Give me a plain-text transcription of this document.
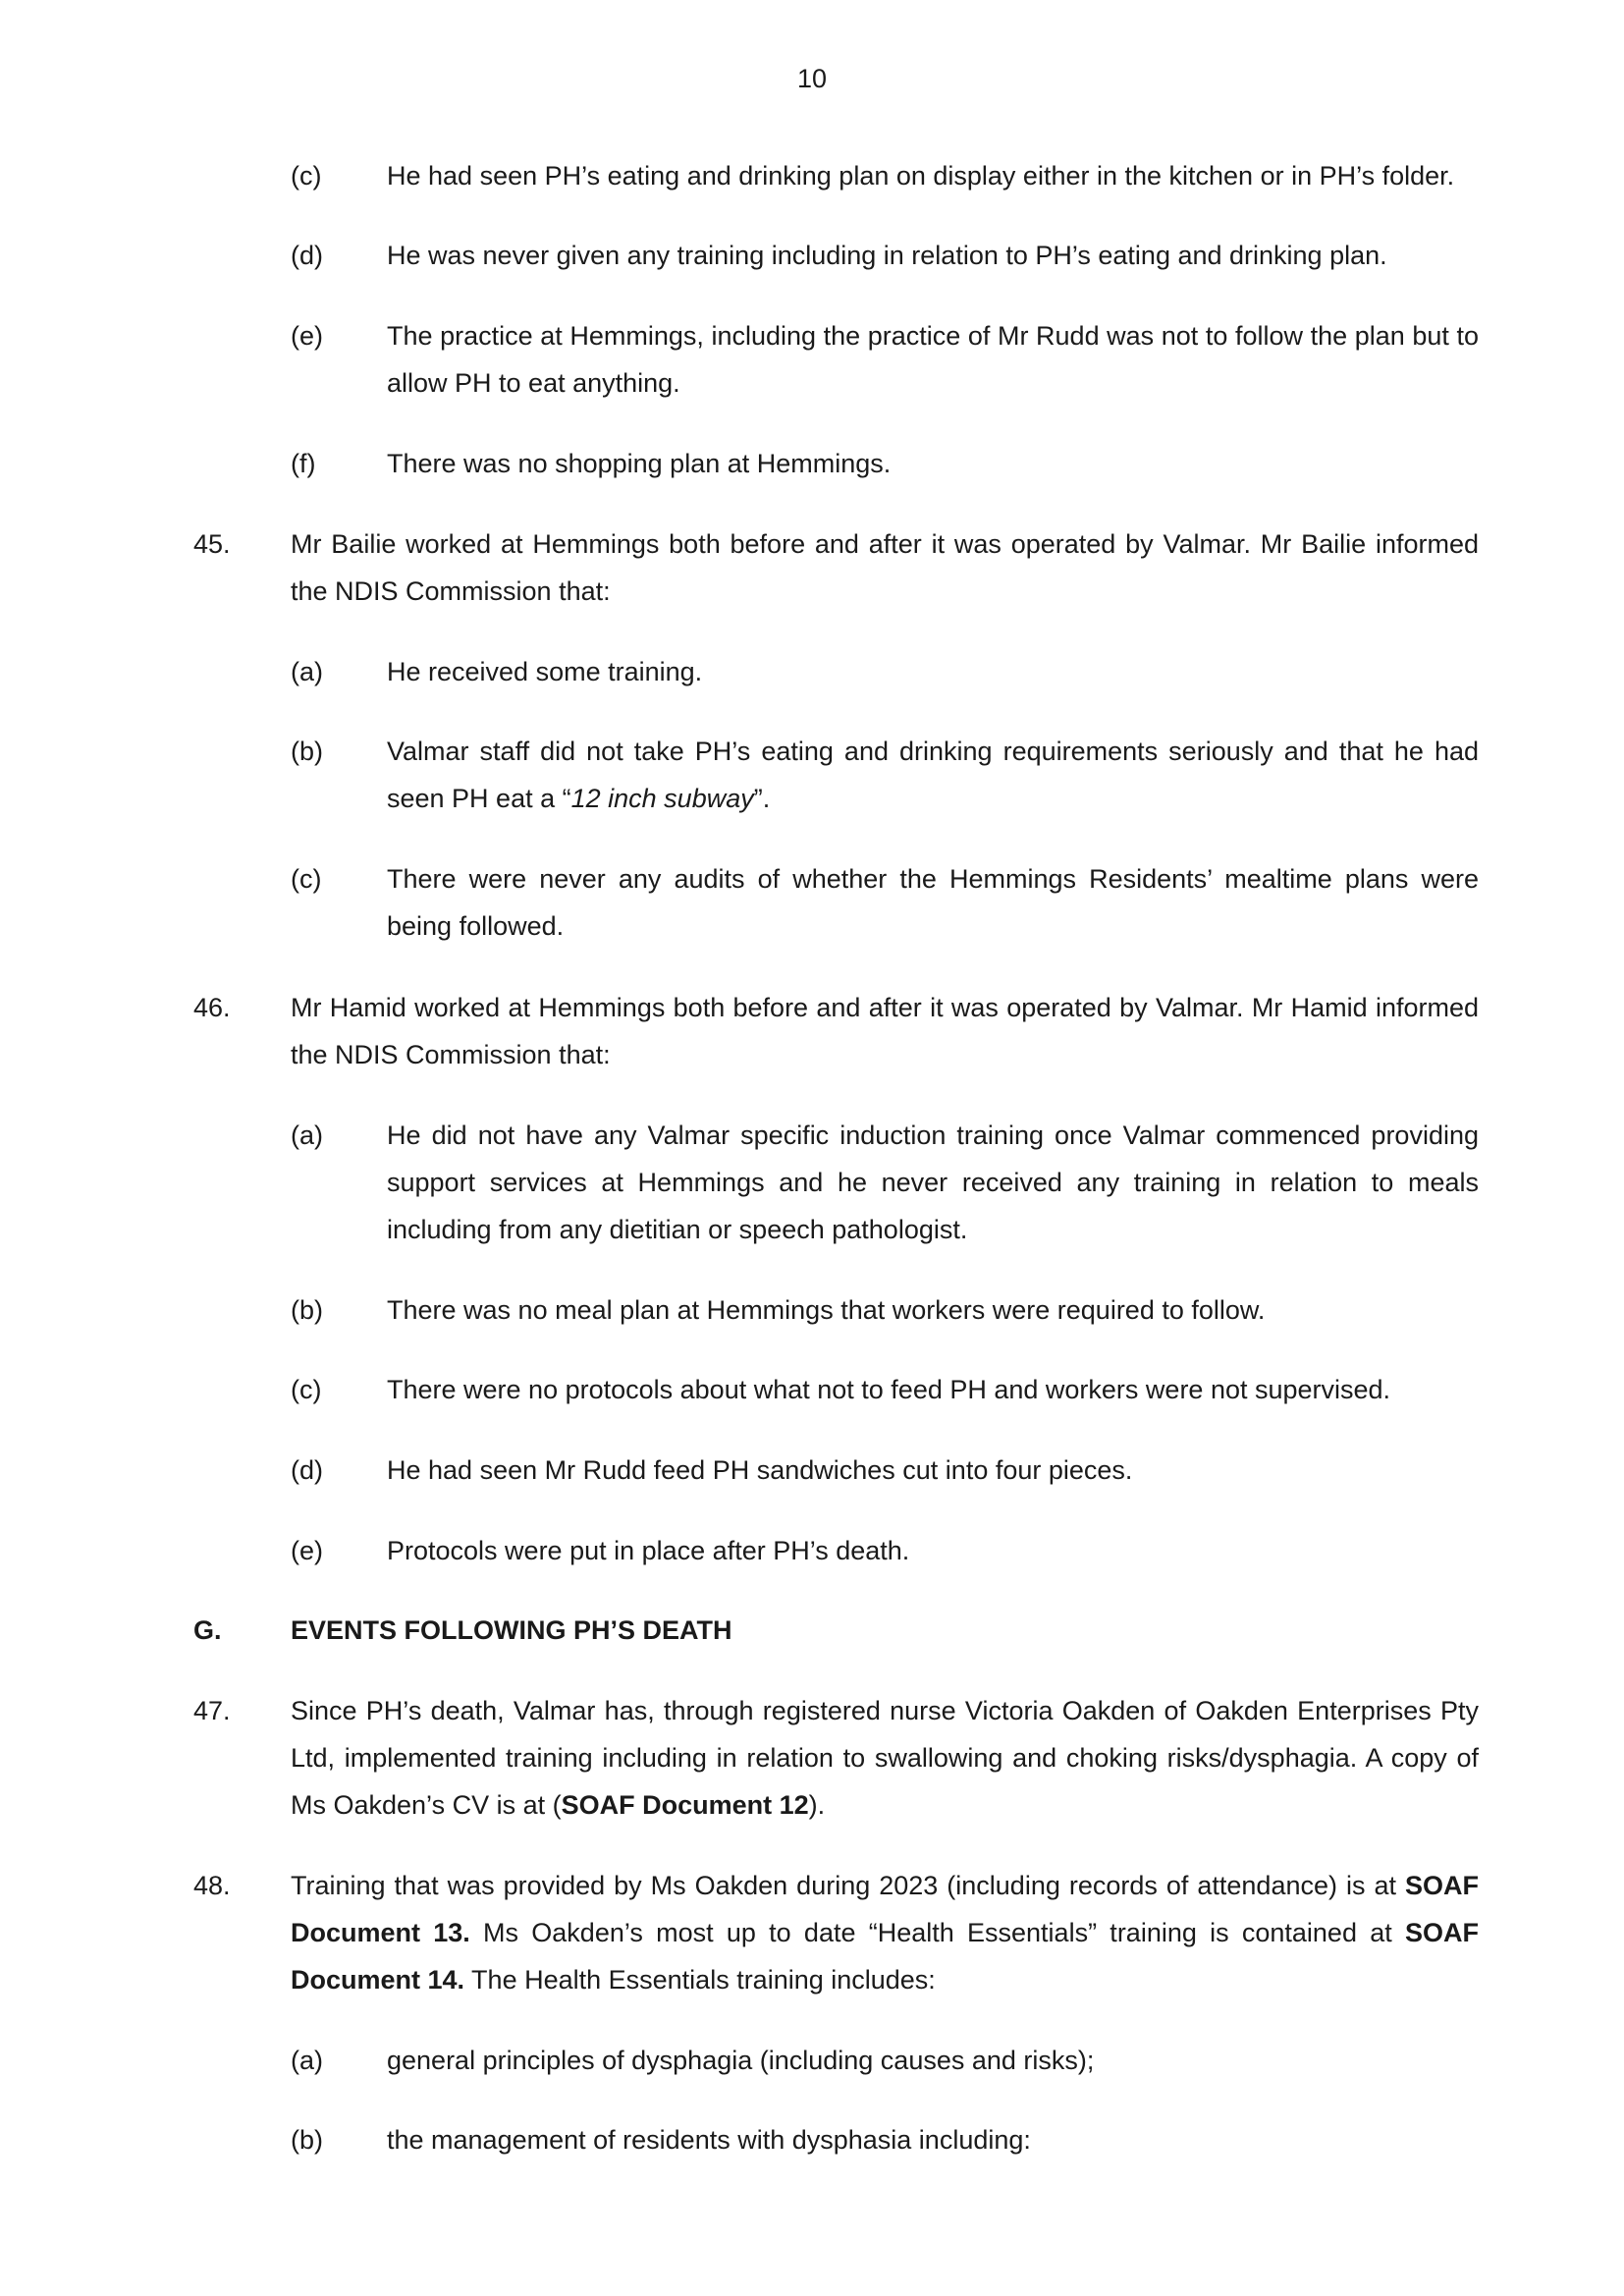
10
(c) He had seen PH’s eating and drinking plan on display either in the kitchen or in PH’s folder.
(d) He was never given any training including in relation to PH’s eating and drinking plan.
(e) The practice at Hemmings, including the practice of Mr Rudd was not to follow the plan but to allow PH to eat anything.
(f)	There was no shopping plan at Hemmings.
45. Mr Bailie worked at Hemmings both before and after it was operated by Valmar. Mr Bailie informed the NDIS Commission that:
(a) He received some training.
(b) Valmar staff did not take PH’s eating and drinking requirements seriously and that he had seen PH eat a “12 inch subway”.
(c) There were never any audits of whether the Hemmings Residents’ mealtime plans were being followed.
46. Mr Hamid worked at Hemmings both before and after it was operated by Valmar. Mr Hamid informed the NDIS Commission that:
(a) He did not have any Valmar specific induction training once Valmar commenced providing support services at Hemmings and he never received any training in relation to meals including from any dietitian or speech pathologist.
(b) There was no meal plan at Hemmings that workers were required to follow.
(c) There were no protocols about what not to feed PH and workers were not supervised.
(d) He had seen Mr Rudd feed PH sandwiches cut into four pieces.
(e) Protocols were put in place after PH’s death.
G.	EVENTS FOLLOWING PH’S DEATH
47. Since PH’s death, Valmar has, through registered nurse Victoria Oakden of Oakden Enterprises Pty Ltd, implemented training including in relation to swallowing and choking risks/dysphagia. A copy of Ms Oakden’s CV is at (SOAF Document 12).
48. Training that was provided by Ms Oakden during 2023 (including records of attendance) is at SOAF Document 13. Ms Oakden’s most up to date “Health Essentials” training is contained at SOAF Document 14. The Health Essentials training includes:
(a) general principles of dysphagia (including causes and risks);
(b) the management of residents with dysphasia including:
